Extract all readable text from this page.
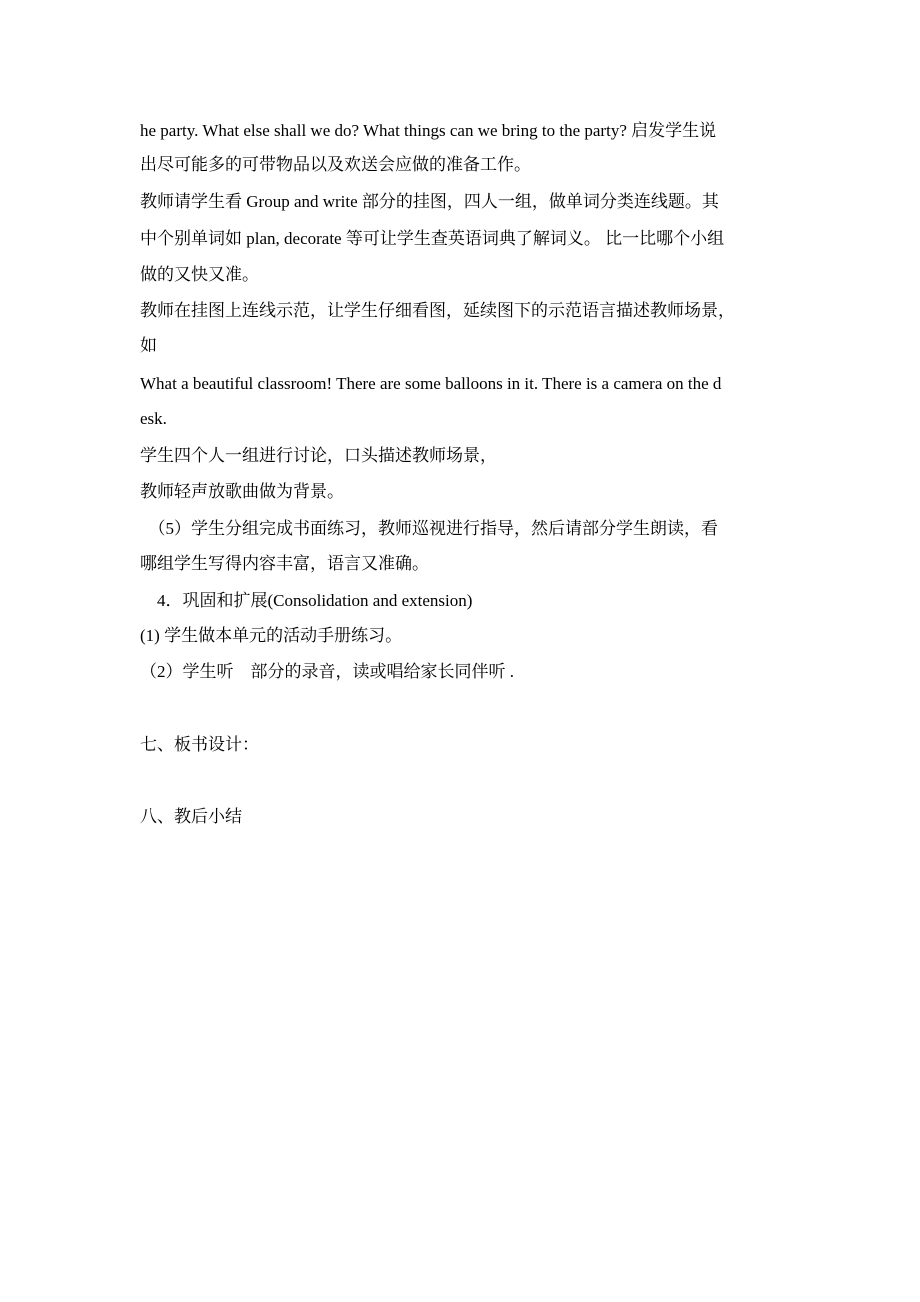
he party. What else shall we do? What things can we bring to the party? 启发学生说
出尽可能多的可带物品以及欢送会应做的准备工作。
教师请学生看 Group and write 部分的挂图，四人一组，做单词分类连线题。其
中个别单词如 plan, decorate 等可让学生查英语词典了解词义。 比一比哪个小组
做的又快又准。
教师在挂图上连线示范，让学生仔细看图，延续图下的示范语言描述教师场景，
如
What a beautiful classroom! There are some balloons in it. There is a camera on the d
esk.
学生四个人一组进行讨论，口头描述教师场景，
教师轻声放歌曲做为背景。
　（5）学生分组完成书面练习，教师巡视进行指导，然后请部分学生朗读，看
哪组学生写得内容丰富，语言又准确。
　4．巩固和扩展(Consolidation and extension)
(1) 学生做本单元的活动手册练习。
（2）学生听　部分的录音，读或唱给家长同伴听 .
七、板书设计：
八、教后小结
